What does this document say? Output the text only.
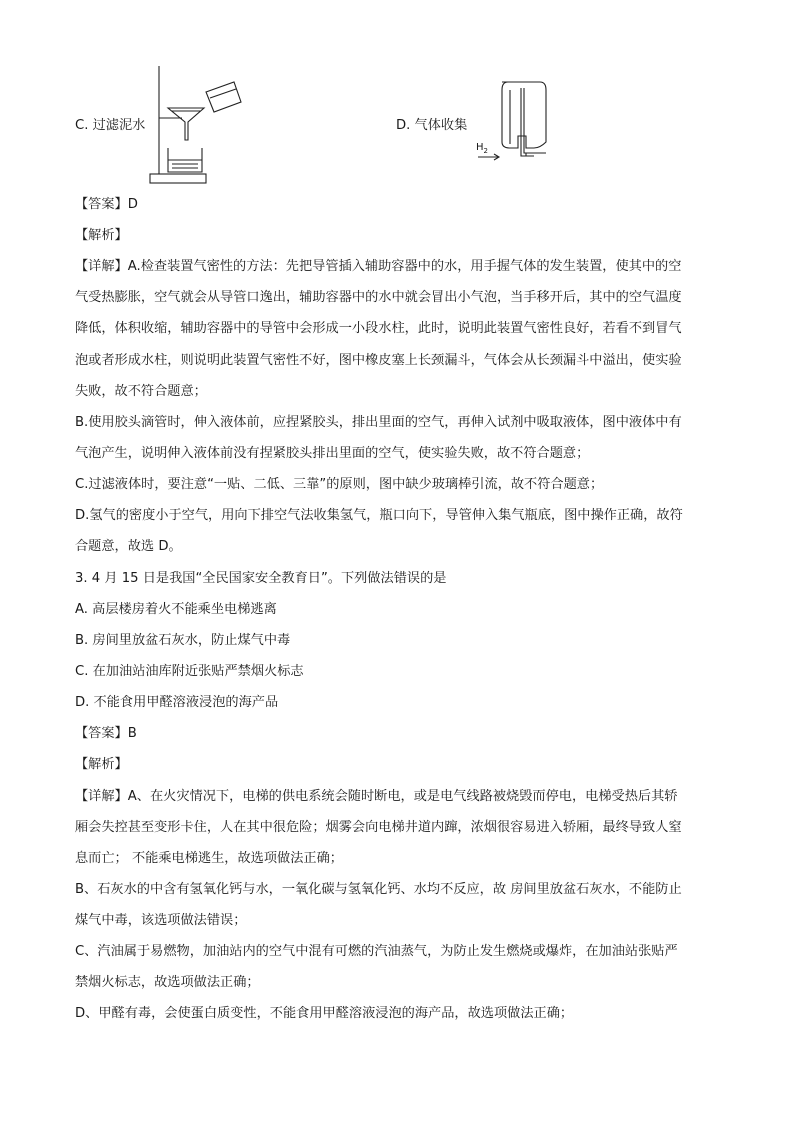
C. 过滤泥水	D. 气体收集
$H_2$
【答案】D
【解析】
【详解】A.检查装置气密性的方法：先把导管插入辅助容器中的水，用手握气体的发生装置，使其中的空
气受热膨胀，空气就会从导管口逸出，辅助容器中的水中就会冒出小气泡，当手移开后，其中的空气温度
降低，体积收缩，辅助容器中的导管中会形成一小段水柱，此时，说明此装置气密性良好，若看不到冒气
泡或者形成水柱，则说明此装置气密性不好，图中橡皮塞上长颈漏斗，气体会从长颈漏斗中溢出，使实验
失败，故不符合题意；
B.使用胶头滴管时，伸入液体前，应捏紧胶头，排出里面的空气，再伸入试剂中吸取液体，图中液体中有
气泡产生，说明伸入液体前没有捏紧胶头排出里面的空气，使实验失败，故不符合题意；
C.过滤液体时，要注意“一贴、二低、三靠”的原则，图中缺少玻璃棒引流，故不符合题意；
D.氢气的密度小于空气，用向下排空气法收集氢气，瓶口向下，导管伸入集气瓶底，图中操作正确，故符
合题意，故选 D。
3. 4 月 15 日是我国“全民国家安全教育日”。下列做法错误的是
A. 高层楼房着火不能乘坐电梯逃离
B. 房间里放盆石灰水，防止煤气中毒
C. 在加油站油库附近张贴严禁烟火标志
D. 不能食用甲醛溶液浸泡的海产品
【答案】B
【解析】
【详解】A、在火灾情况下，电梯的供电系统会随时断电，或是电气线路被烧毁而停电，电梯受热后其轿
厢会失控甚至变形卡住，人在其中很危险；烟雾会向电梯井道内蹿，浓烟很容易进入轿厢，最终导致人窒
息而亡； 不能乘电梯逃生，故选项做法正确；
B、石灰水的中含有氢氧化钙与水，一氧化碳与氢氧化钙、水均不反应，故 房间里放盆石灰水，不能防止
煤气中毒，该选项做法错误；
C、汽油属于易燃物，加油站内的空气中混有可燃的汽油蒸气，为防止发生燃烧或爆炸，在加油站张贴严
禁烟火标志，故选项做法正确；
D、甲醛有毒，会使蛋白质变性，不能食用甲醛溶液浸泡的海产品，故选项做法正确；
